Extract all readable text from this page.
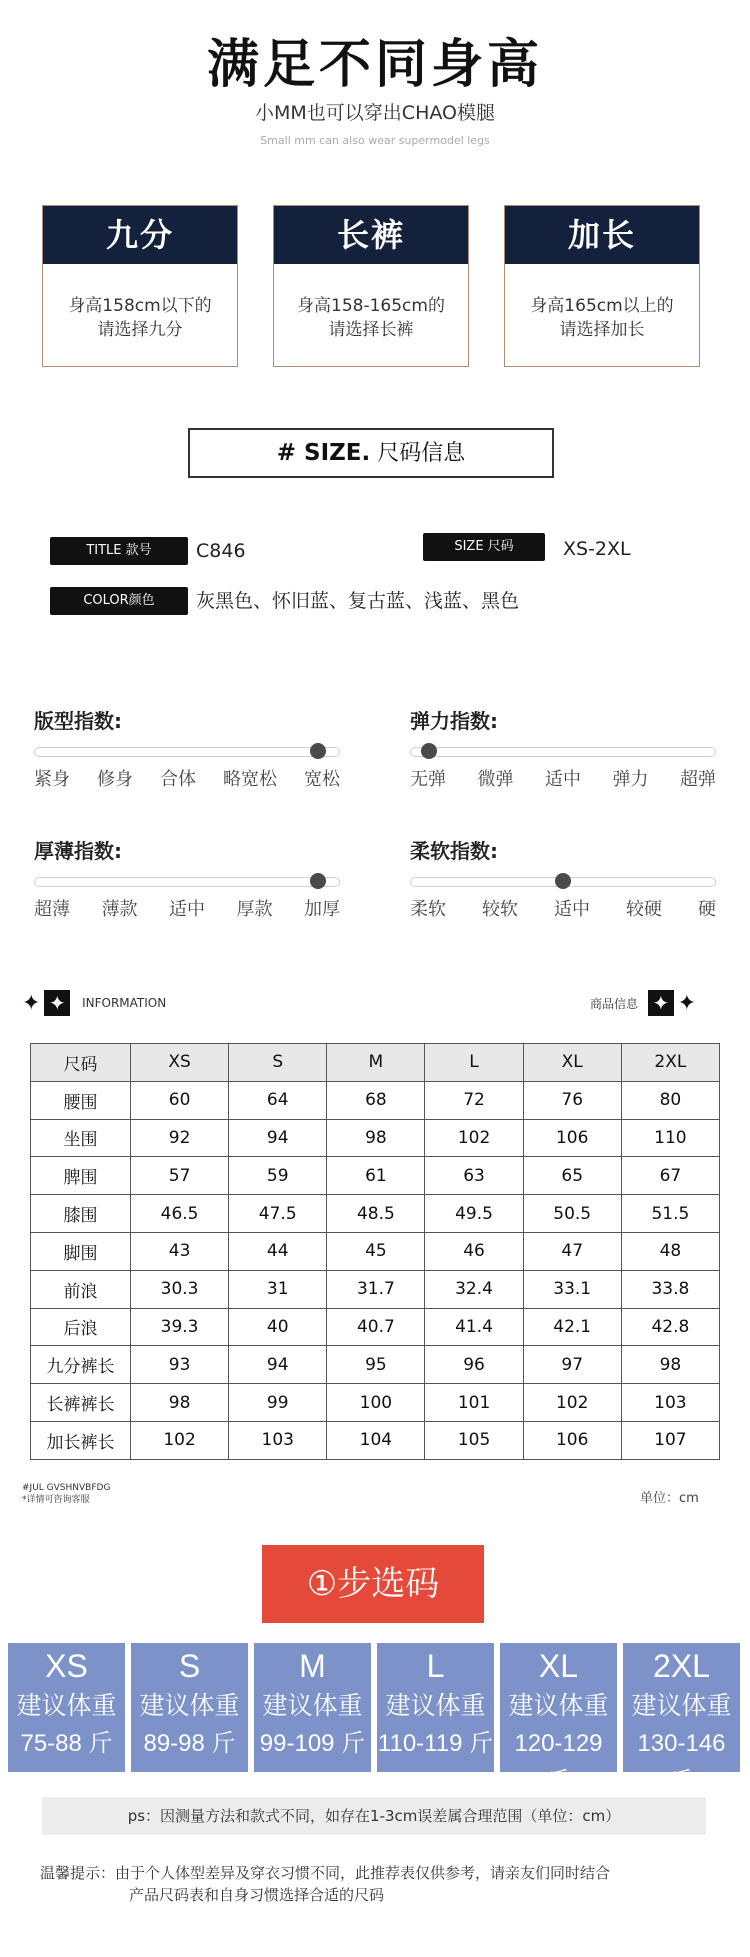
满足不同身高
小MM也可以穿出CHAO模腿
Small mm can also wear supermodel legs
九分
身高158cm以下的
请选择九分
长裤
身高158-165cm的
请选择长裤
加长
身高165cm以上的
请选择加长
# SIZE. 尺码信息
TITLE 款号	C846	SIZE 尺码	XS-2XL
COLOR颜色	灰黑色、怀旧蓝、复古蓝、浅蓝、黑色
版型指数:
紧身 修身 合体 略宽松 宽松
弹力指数:
无弹 微弹 适中 弹力 超弹
厚薄指数:
超薄 薄款 适中 厚款 加厚
柔软指数:
柔软 较软 适中 较硬 硬
✦ ✦ INFORMATION	商品信息 ✦ ✦
尺码	XS	S	M	L	XL	2XL
腰围	60	64	68	72	76	80
坐围	92	94	98	102	106	110
脾围	57	59	61	63	65	67
膝围	46.5	47.5	48.5	49.5	50.5	51.5
脚围	43	44	45	46	47	48
前浪	30.3	31	31.7	32.4	33.1	33.8
后浪	39.3	40	40.7	41.4	42.1	42.8
九分裤长	93	94	95	96	97	98
长裤裤长	98	99	100	101	102	103
加长裤长	102	103	104	105	106	107
#JUL GVSHNVBFDG
*详情可咨询客服	单位：cm
①步选码
XS
建议体重
75-88 斤
S
建议体重
89-98 斤
M
建议体重
99-109 斤
L
建议体重
110-119 斤
XL
建议体重
120-129 斤
2XL
建议体重
130-146 斤
ps：因测量方法和款式不同，如存在1-3cm误差属合理范围（单位：cm）
温馨提示：由于个人体型差异及穿衣习惯不同，此推荐表仅供参考，请亲友们同时结合
产品尺码表和自身习惯选择合适的尺码
